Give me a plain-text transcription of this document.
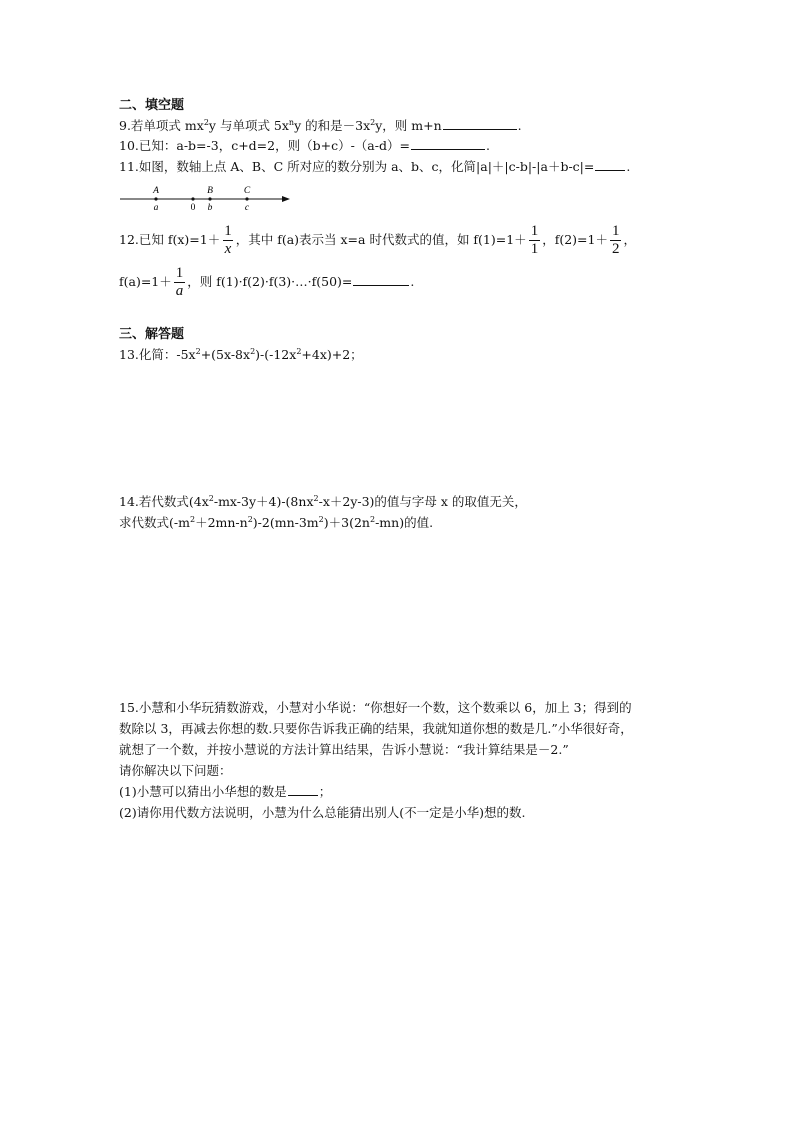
二、填空题
9.若单项式 $mx^2y$ 与单项式 $5x^ny$ 的和是$-3x^2y$，则 m+n	.
10.已知：a-b=-3，c+d=2，则（b+c）-（a-d）=	.
11.如图，数轴上点 A、B、C 所对应的数分别为 a、b、c，化简|a|＋|c-b|-|a＋b-c|=	.
A	B	C
a	0 b	c
12.已知 $f(x)=1+ \frac{1}{x}$ ，其中 f(a)表示当 x=a 时代数式的值，如 $f(1)=1+ \frac{1}{1}$ ，$f(2)=1+ \frac{1}{2}$ ，
$f(a)=1+ \frac{1}{a}$ ，则 f(1)·f(2)·f(3)·…·f(50)=	.
三、解答题
13.化简：$-5x^2+(5x-8x^2)-(-12x^2+4x)+2$；
14.若代数式$(4x^2-mx-3y+4)-(8nx^2-x+2y-3)$的值与字母 x 的取值无关，
求代数式$(-m^2+2mn-n^2)-2(mn-3m^2)+3(2n^2-mn)$的值.
15.小慧和小华玩猜数游戏，小慧对小华说：“你想好一个数，这个数乘以 6，加上 3；得到的
数除以 3，再减去你想的数.只要你告诉我正确的结果，我就知道你想的数是几.”小华很好奇，
就想了一个数，并按小慧说的方法计算出结果，告诉小慧说：“我计算结果是－2.”
请你解决以下问题：
(1)小慧可以猜出小华想的数是	；
(2)请你用代数方法说明，小慧为什么总能猜出别人(不一定是小华)想的数.
